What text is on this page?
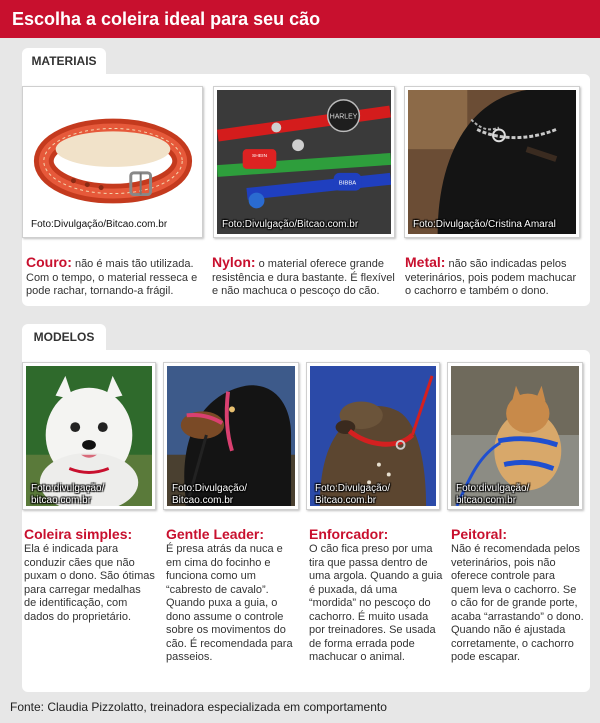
Escolha a coleira ideal para seu cão
MATERIAIS
Foto:Divulgação/Bitcao.com.br
HARLEY
SHEIN
BIBBA
Foto:Divulgação/Bitcao.com.br	Foto:Divulgação/Cristina Amaral
Couro: não é mais tão utilizada. Com o tempo, o material resseca e pode rachar, tornando-a frágil.
Nylon: o material oferece grande resistência e dura bastante. É flexível e não machuca o pescoço do cão.
Metal: não são indicadas pelos veterinários, pois podem machucar o cachorro e também o dono.
MODELOS
Foto:divulgação/
bitcao.com.br
Foto:Divulgação/
Bitcao.com.br
Foto:Divulgação/
Bitcao.com.br
Foto:divulgação/
bitcao.com.br
Coleira simples:
Ela é indicada para conduzir cães que não puxam o dono. São ótimas para carregar medalhas de identificação, com dados do proprietário.
Gentle Leader:
É presa atrás da nuca e em cima do focinho e funciona como um “cabresto de cavalo”. Quando puxa a guia, o dono assume o controle sobre os movimentos do cão. É recomendada para passeios.
Enforcador:
O cão fica preso por uma tira que passa dentro de uma argola. Quando a guia é puxada, dá uma “mordida” no pescoço do cachorro. É muito usada por treinadores. Se usada de forma errada pode machucar o animal.
Peitoral:
Não é recomendada pelos veterinários, pois não oferece controle para quem leva o cachorro. Se o cão for de grande porte, acaba “arrastando” o dono. Quando não é ajustada corretamente, o cachorro pode escapar.
Fonte: Claudia Pizzolatto, treinadora especializada em comportamento
